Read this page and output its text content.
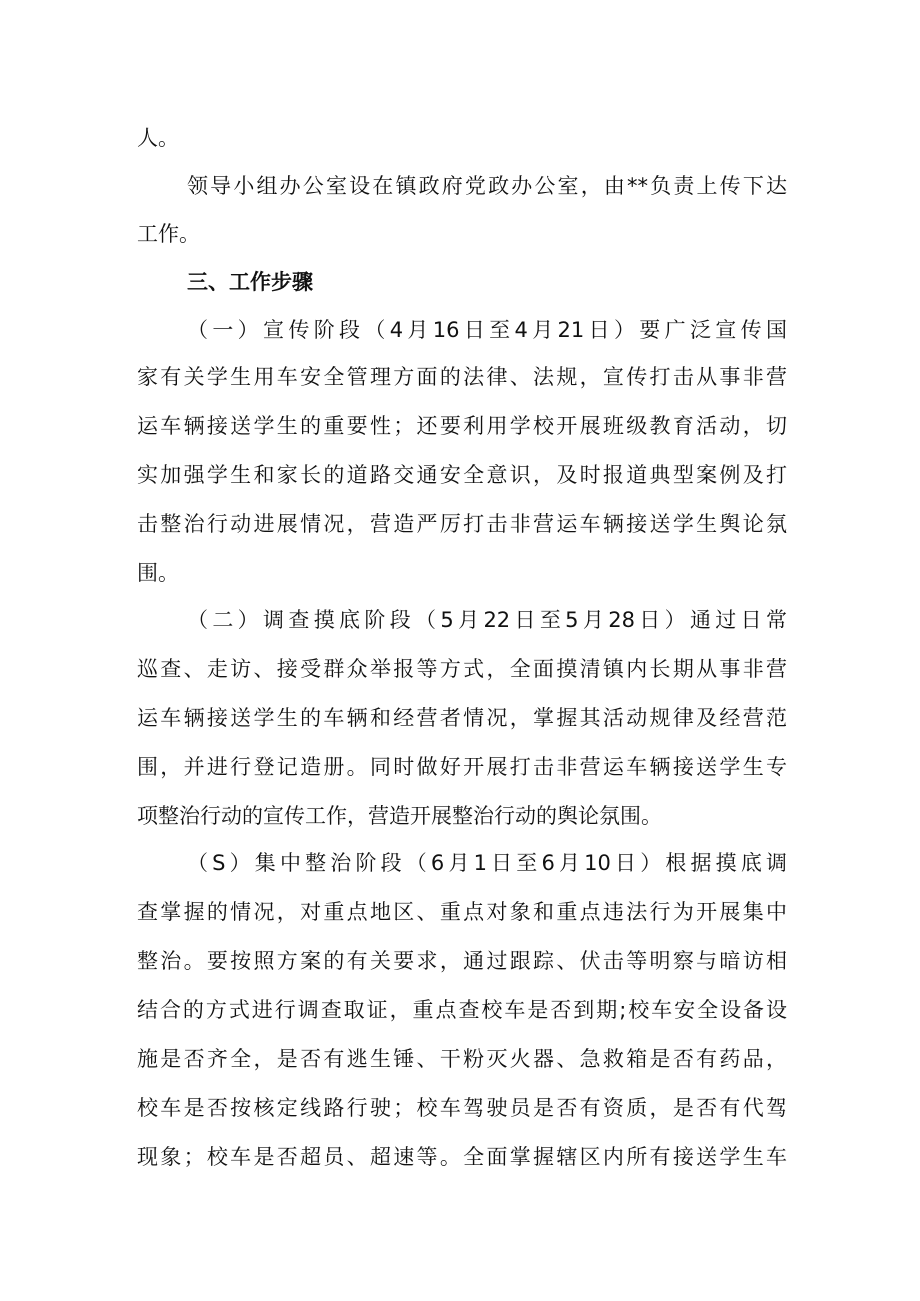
人。
领导小组办公室设在镇政府党政办公室，由**负责上传下达
工作。
三、工作步骤
（一）宣传阶段（4月16日至4月21日）要广泛宣传国
家有关学生用车安全管理方面的法律、法规，宣传打击从事非营
运车辆接送学生的重要性；还要利用学校开展班级教育活动，切
实加强学生和家长的道路交通安全意识，及时报道典型案例及打
击整治行动进展情况，营造严厉打击非营运车辆接送学生舆论氛
围。
（二）调查摸底阶段（5月22日至5月28日）通过日常
巡查、走访、接受群众举报等方式，全面摸清镇内长期从事非营
运车辆接送学生的车辆和经营者情况，掌握其活动规律及经营范
围，并进行登记造册。同时做好开展打击非营运车辆接送学生专
项整治行动的宣传工作，营造开展整治行动的舆论氛围。
（S）集中整治阶段（6月1日至6月10日）根据摸底调
查掌握的情况，对重点地区、重点对象和重点违法行为开展集中
整治。要按照方案的有关要求，通过跟踪、伏击等明察与暗访相
结合的方式进行调查取证，重点查校车是否到期;校车安全设备设
施是否齐全，是否有逃生锤、干粉灭火器、急救箱是否有药品，
校车是否按核定线路行驶；校车驾驶员是否有资质，是否有代驾
现象；校车是否超员、超速等。全面掌握辖区内所有接送学生车
